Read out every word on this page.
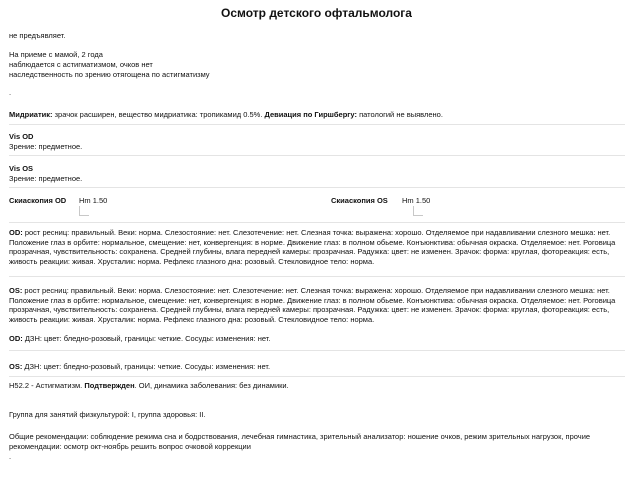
Осмотр детского офтальмолога
не предъявляет.
На приеме с мамой, 2 года
наблюдается с астигматизмом, очков нет
наследственность по зрению отягощена по астигматизму
.
Мидриатик: зрачок расширен, вещество мидриатика: тропикамид 0.5%. Девиация по Гиршбергу: патологий не выявлено.
Vis OD
Зрение: предметное.
Vis OS
Зрение: предметное.
Скиаскопия OD Hm 1.50	Скиаскопия OS Hm 1.50
OD: рост ресниц: правильный. Веки: норма. Слезостояние: нет. Слезотечение: нет. Слезная точка: выражена: хорошо. Отделяемое при надавливании слезного мешка: нет.
Положение глаз в орбите: нормальное, смещение: нет, конвергенция: в норме. Движение глаз: в полном обьеме. Конъюнктива: обычная окраска. Отделяемое: нет. Роговица
прозрачная, чувствительность: сохранена. Средней глубины, влага передней камеры: прозрачная. Радужка: цвет: не изменен. Зрачок: форма: круглая, фотореакция: есть,
живость реакции: живая. Хрусталик: норма. Рефлекс глазного дна: розовый. Стекловидное тело: норма.
OS: рост ресниц: правильный. Веки: норма. Слезостояние: нет. Слезотечение: нет. Слезная точка: выражена: хорошо. Отделяемое при надавливании слезного мешка: нет.
Положение глаз в орбите: нормальное, смещение: нет, конвергенция: в норме. Движение глаз: в полном обьеме. Конъюнктива: обычная окраска. Отделяемое: нет. Роговица
прозрачная, чувствительность: сохранена. Средней глубины, влага передней камеры: прозрачная. Радужка: цвет: не изменен. Зрачок: форма: круглая, фотореакция: есть,
живость реакции: живая. Хрусталик: норма. Рефлекс глазного дна: розовый. Стекловидное тело: норма.
OD: ДЗН: цвет: бледно-розовый, границы: четкие. Сосуды: изменения: нет.
OS: ДЗН: цвет: бледно-розовый, границы: четкие. Сосуды: изменения: нет.
H52.2 - Астигматизм. Подтвержден. ОИ, динамика заболевания: без динамики.
Группа для занятий физкультурой: I, группа здоровья: II.
Общие рекомендации: соблюдение режима сна и бодрствования, лечебная гимнастика, зрительный анализатор: ношение очков, режим зрительных нагрузок, прочие
рекомендации: осмотр окт-ноябрь решить вопрос очковой коррекции
.
